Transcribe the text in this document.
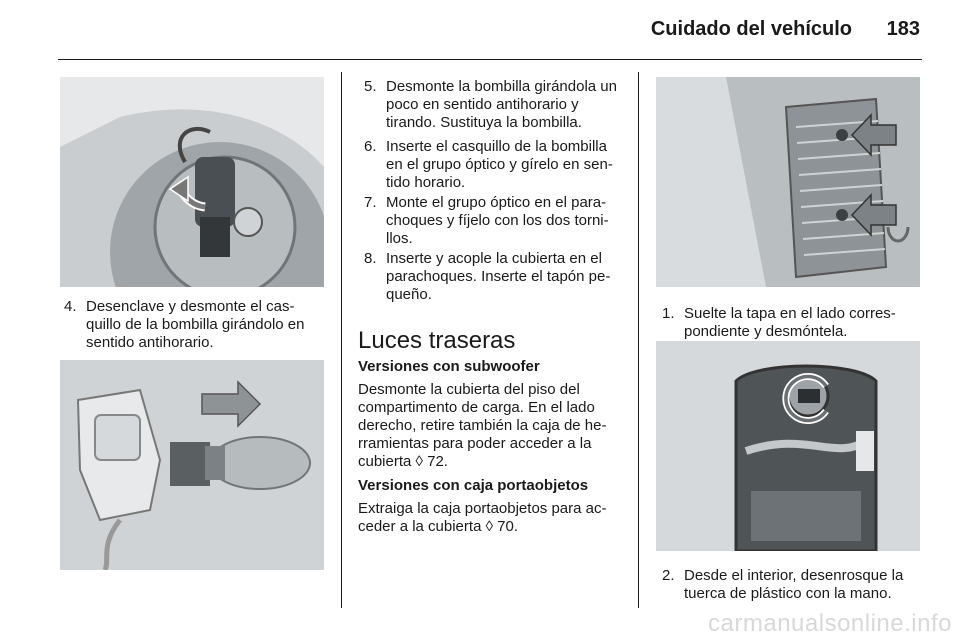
Cuidado del vehículo 183
4. Desenclave y desmonte el cas-quillo de la bombilla girándolo en sentido antihorario.
5. Desmonte la bombilla girándola un poco en sentido antihorario y tirando. Sustituya la bombilla.
6. Inserte el casquillo de la bombilla en el grupo óptico y gírelo en sen-tido horario.
7. Monte el grupo óptico en el para-choques y fíjelo con los dos torni-llos.
8. Inserte y acople la cubierta en el parachoques. Inserte el tapón pe-queño.
Luces traseras
Versiones con subwoofer
Desmonte la cubierta del piso del compartimento de carga. En el lado derecho, retire también la caja de he-rramientas para poder acceder a la cubierta ◊ 72.
Versiones con caja portaobjetos
Extraiga la caja portaobjetos para ac-ceder a la cubierta ◊ 70.
1. Suelte la tapa en el lado corres-pondiente y desmóntela.
2. Desde el interior, desenrosque la tuerca de plástico con la mano.
carmanualsonline.info
